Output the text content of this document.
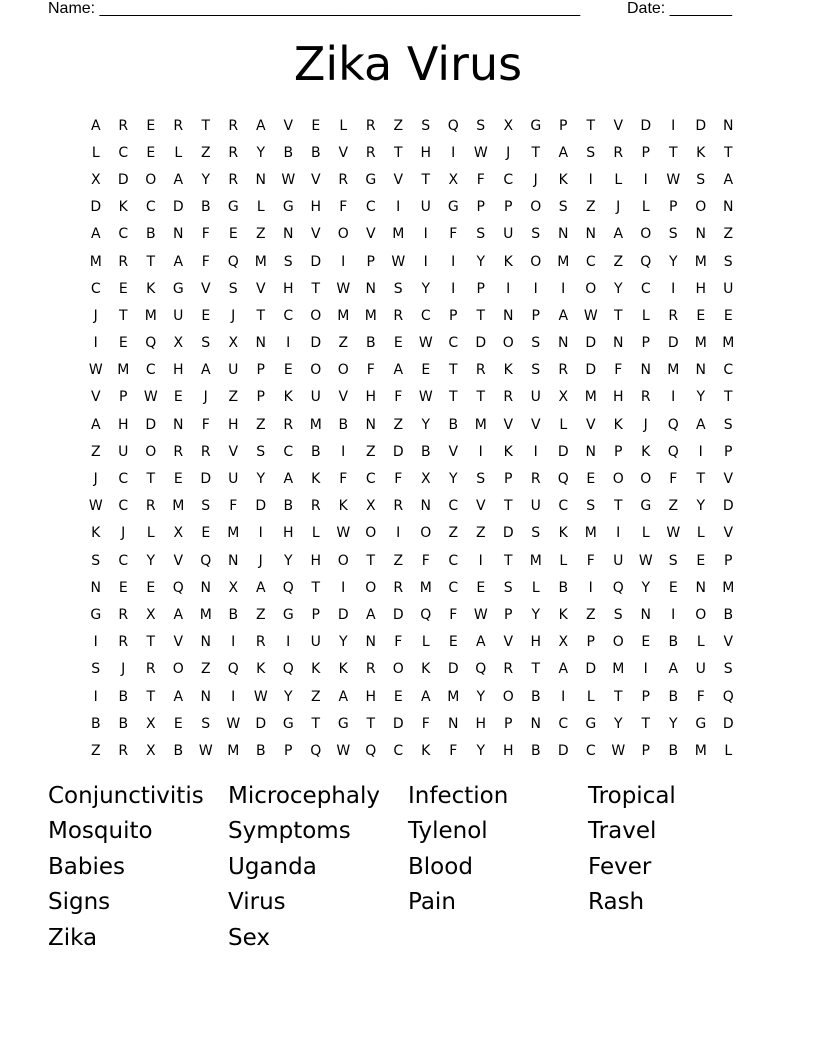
Name: ______________________________________________________	Date: _______
Zika Virus
A	R	E	R	T	R	A	V	E	L	R	Z	S	Q	S	X	G	P	T	V	D	I	D	N
L	C	E	L	Z	R	Y	B	B	V	R	T	H	I	W	J	T	A	S	R	P	T	K	T
X	D	O	A	Y	R	N	W	V	R	G	V	T	X	F	C	J	K	I	L	I	W	S	A
D	K	C	D	B	G	L	G	H	F	C	I	U	G	P	P	O	S	Z	J	L	P	O	N
A	C	B	N	F	E	Z	N	V	O	V	M	I	F	S	U	S	N	N	A	O	S	N	Z
M	R	T	A	F	Q	M	S	D	I	P	W	I	I	Y	K	O	M	C	Z	Q	Y	M	S
C	E	K	G	V	S	V	H	T	W	N	S	Y	I	P	I	I	I	O	Y	C	I	H	U
J	T	M	U	E	J	T	C	O	M	M	R	C	P	T	N	P	A	W	T	L	R	E	E
I	E	Q	X	S	X	N	I	D	Z	B	E	W	C	D	O	S	N	D	N	P	D	M	M
W	M	C	H	A	U	P	E	O	O	F	A	E	T	R	K	S	R	D	F	N	M	N	C
V	P	W	E	J	Z	P	K	U	V	H	F	W	T	T	R	U	X	M	H	R	I	Y	T
A	H	D	N	F	H	Z	R	M	B	N	Z	Y	B	M	V	V	L	V	K	J	Q	A	S
Z	U	O	R	R	V	S	C	B	I	Z	D	B	V	I	K	I	D	N	P	K	Q	I	P
J	C	T	E	D	U	Y	A	K	F	C	F	X	Y	S	P	R	Q	E	O	O	F	T	V
W	C	R	M	S	F	D	B	R	K	X	R	N	C	V	T	U	C	S	T	G	Z	Y	D
K	J	L	X	E	M	I	H	L	W	O	I	O	Z	Z	D	S	K	M	I	L	W	L	V
S	C	Y	V	Q	N	J	Y	H	O	T	Z	F	C	I	T	M	L	F	U	W	S	E	P
N	E	E	Q	N	X	A	Q	T	I	O	R	M	C	E	S	L	B	I	Q	Y	E	N	M
G	R	X	A	M	B	Z	G	P	D	A	D	Q	F	W	P	Y	K	Z	S	N	I	O	B
I	R	T	V	N	I	R	I	U	Y	N	F	L	E	A	V	H	X	P	O	E	B	L	V
S	J	R	O	Z	Q	K	Q	K	K	R	O	K	D	Q	R	T	A	D	M	I	A	U	S
I	B	T	A	N	I	W	Y	Z	A	H	E	A	M	Y	O	B	I	L	T	P	B	F	Q
B	B	X	E	S	W	D	G	T	G	T	D	F	N	H	P	N	C	G	Y	T	Y	G	D
Z	R	X	B	W	M	B	P	Q	W	Q	C	K	F	Y	H	B	D	C	W	P	B	M	L
Conjunctivitis	Microcephaly	Infection	Tropical
Mosquito	Symptoms	Tylenol	Travel
Babies	Uganda	Blood	Fever
Signs	Virus	Pain	Rash
Zika	Sex
